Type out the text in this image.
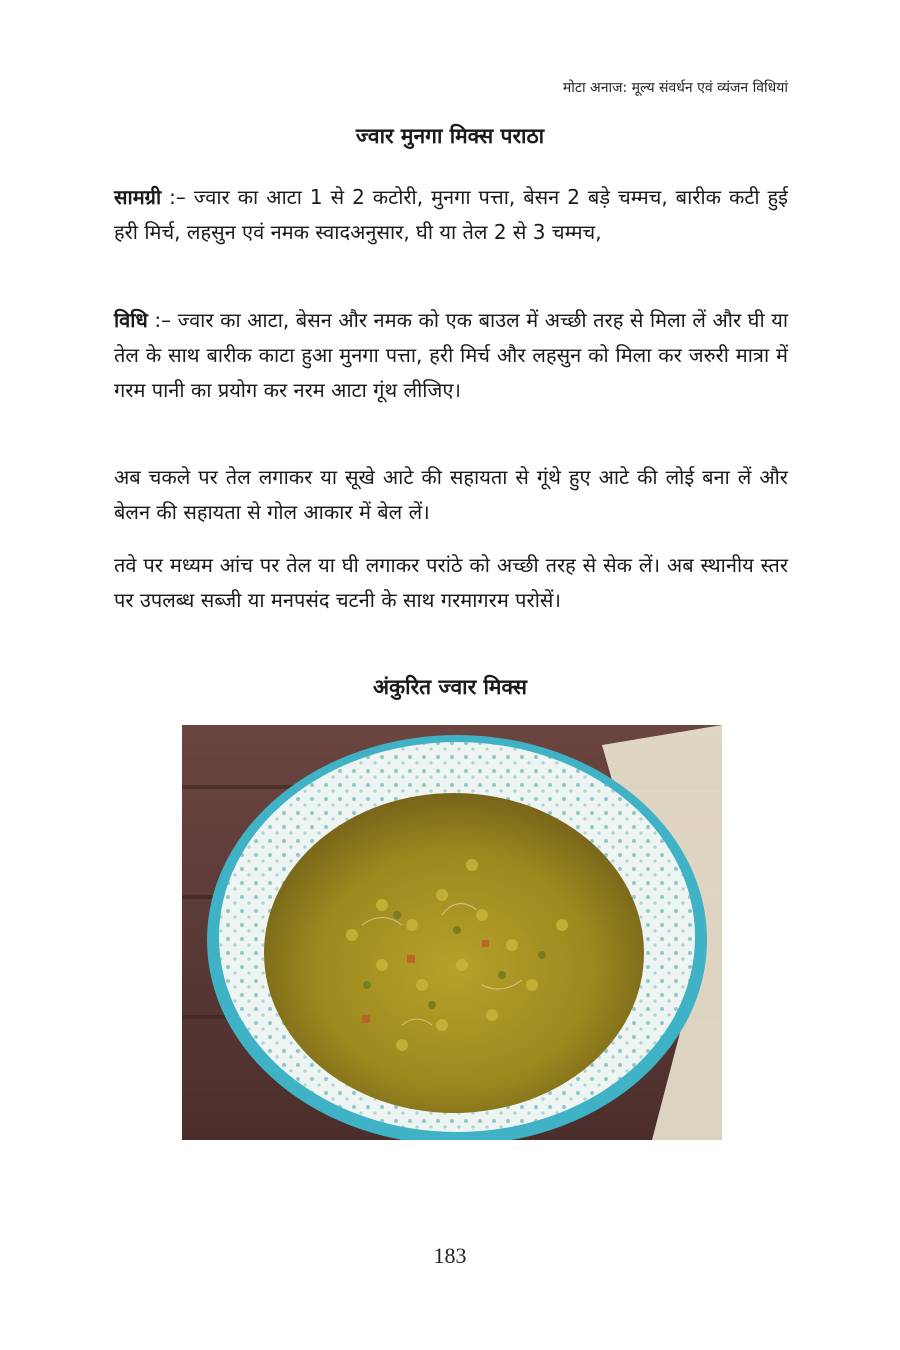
मोटा अनाज: मूल्य संवर्धन एवं व्यंजन विधियां
ज्वार मुनगा मिक्स पराठा

सामग्री :– ज्वार का आटा 1 से 2 कटोरी, मुनगा पत्ता, बेसन 2 बड़े चम्मच, बारीक कटी हुई हरी मिर्च, लहसुन एवं नमक स्वादअनुसार, घी या तेल 2 से 3 चम्मच,

विधि :– ज्वार का आटा, बेसन और नमक को एक बाउल में अच्छी तरह से मिला लें और घी या तेल के साथ बारीक काटा हुआ मुनगा पत्ता, हरी मिर्च और लहसुन को मिला कर जरुरी मात्रा में गरम पानी का प्रयोग कर नरम आटा गूंथ लीजिए।

अब चकले पर तेल लगाकर या सूखे आटे की सहायता से गूंथे हुए आटे की लोई बना लें और बेलन की सहायता से गोल आकार में बेल लें।

तवे पर मध्यम आंच पर तेल या घी लगाकर परांठे को अच्छी तरह से सेक लें। अब स्थानीय स्तर पर उपलब्ध सब्जी या मनपसंद चटनी के साथ गरमागरम परोसें।

अंकुरित ज्वार मिक्स
183
